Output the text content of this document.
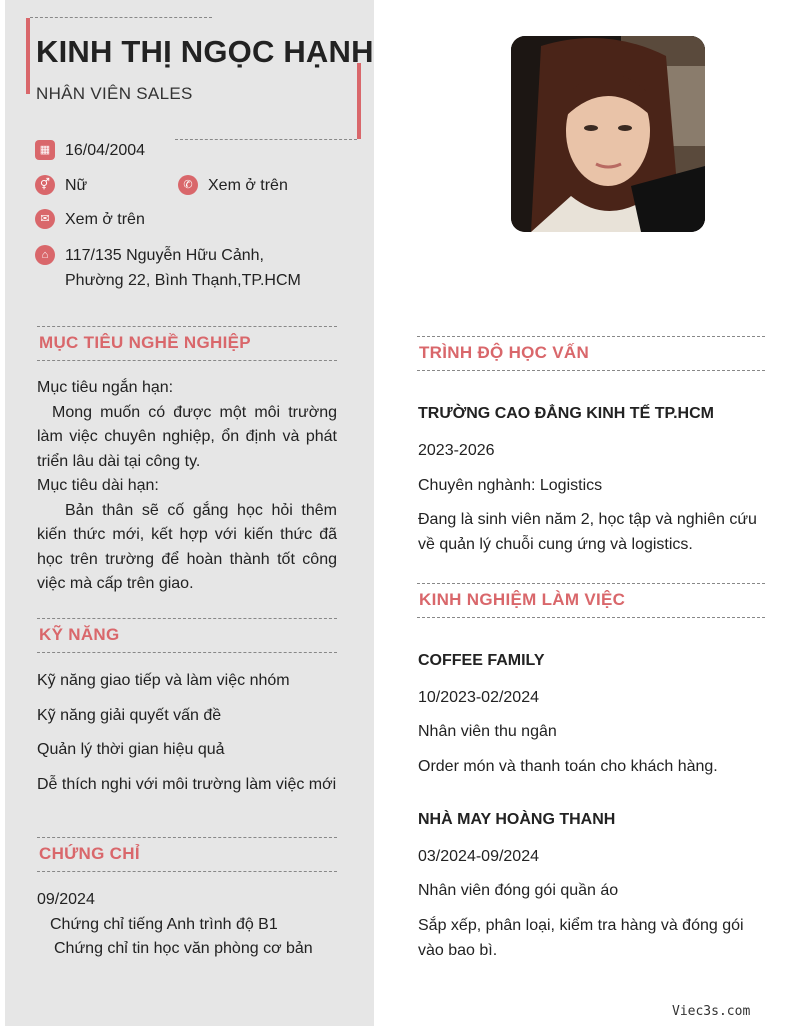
KINH THỊ NGỌC HẠNH
NHÂN VIÊN SALES
▦ 16/04/2004
⚥ Nữ	✆ Xem ở trên
✉ Xem ở trên
⌂	117/135 Nguyễn Hữu Cảnh,
Phường 22, Bình Thạnh,TP.HCM
MỤC TIÊU NGHỀ NGHIỆP
Mục tiêu ngắn hạn:
Mong muốn có được một môi trường làm việc chuyên nghiệp, ổn định và phát triển lâu dài tại công ty.
Mục tiêu dài hạn:
Bản thân sẽ cố gắng học hỏi thêm kiến thức mới, kết hợp với kiến thức đã học trên trường để hoàn thành tốt công việc mà cấp trên giao.
KỸ NĂNG
Kỹ năng giao tiếp và làm việc nhóm
Kỹ năng giải quyết vấn đề
Quản lý thời gian hiệu quả
Dễ thích nghi với môi trường làm việc mới
CHỨNG CHỈ
09/2024
Chứng chỉ tiếng Anh trình độ B1
Chứng chỉ tin học văn phòng cơ bản
TRÌNH ĐỘ HỌC VẤN
TRƯỜNG CAO ĐẲNG KINH TẾ TP.HCM
2023-2026
Chuyên nghành: Logistics
Đang là sinh viên năm 2, học tập và nghiên cứu về quản lý chuỗi cung ứng và logistics.
KINH NGHIỆM LÀM VIỆC
COFFEE FAMILY
10/2023-02/2024
Nhân viên thu ngân
Order món và thanh toán cho khách hàng.
NHÀ MAY HOÀNG THANH
03/2024-09/2024
Nhân viên đóng gói quần áo
Sắp xếp, phân loại, kiểm tra hàng và đóng gói vào bao bì.
Viec3s.com
